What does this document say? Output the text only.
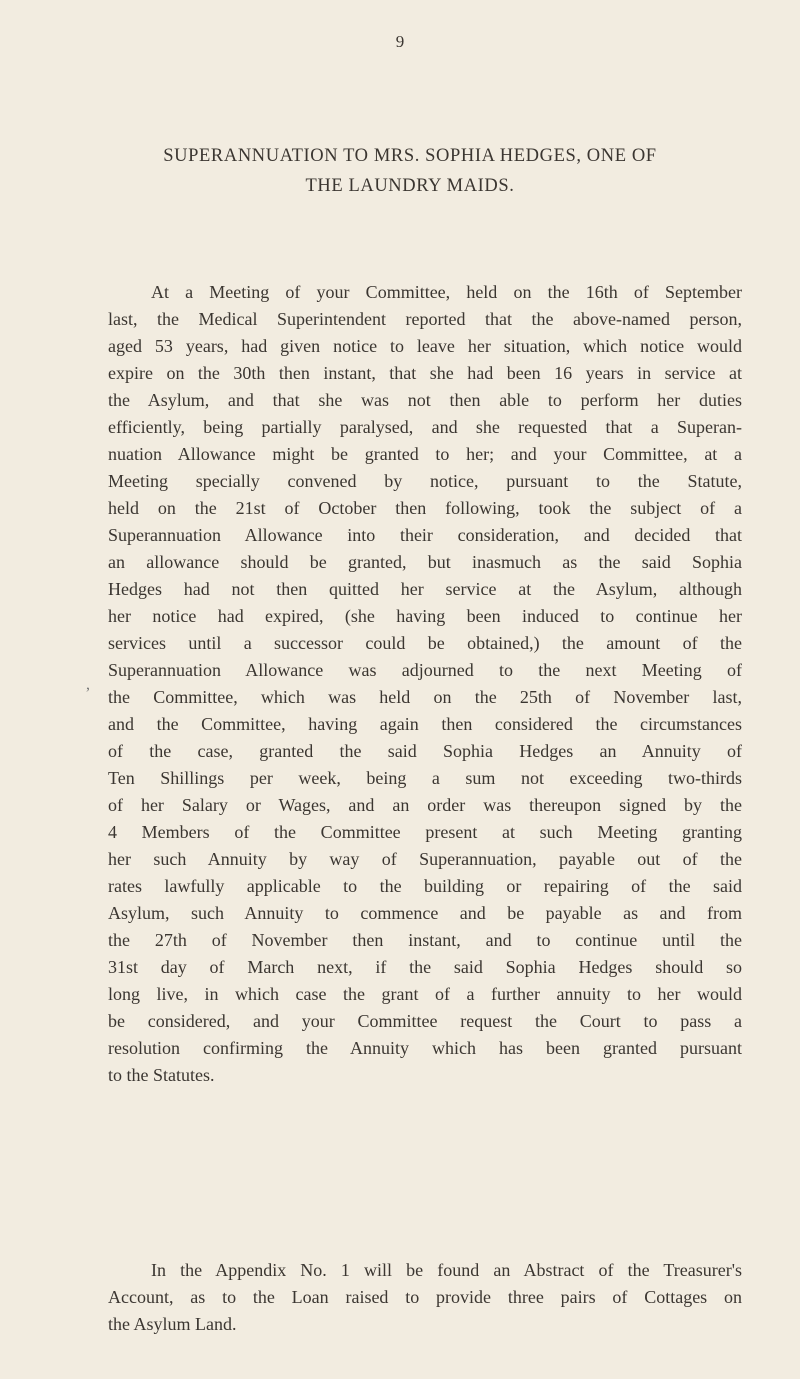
9
SUPERANNUATION TO MRS. SOPHIA HEDGES, ONE OF
THE LAUNDRY MAIDS.
,
At a Meeting of your Committee, held on the 16th of September
last, the Medical Superintendent reported that the above-named person,
aged 53 years, had given notice to leave her situation, which notice would
expire on the 30th then instant, that she had been 16 years in service at
the Asylum, and that she was not then able to perform her duties
efficiently, being partially paralysed, and she requested that a Superan-
nuation Allowance might be granted to her; and your Committee, at a
Meeting specially convened by notice, pursuant to the Statute,
held on the 21st of October then following, took the subject of a
Superannuation Allowance into their consideration, and decided that
an allowance should be granted, but inasmuch as the said Sophia
Hedges had not then quitted her service at the Asylum, although
her notice had expired, (she having been induced to continue her
services until a successor could be obtained,) the amount of the
Superannuation Allowance was adjourned to the next Meeting of
the Committee, which was held on the 25th of November last,
and the Committee, having again then considered the circumstances
of the case, granted the said Sophia Hedges an Annuity of
Ten Shillings per week, being a sum not exceeding two-thirds
of her Salary or Wages, and an order was thereupon signed by the
4 Members of the Committee present at such Meeting granting
her such Annuity by way of Superannuation, payable out of the
rates lawfully applicable to the building or repairing of the said
Asylum, such Annuity to commence and be payable as and from
the 27th of November then instant, and to continue until the
31st day of March next, if the said Sophia Hedges should so
long live, in which case the grant of a further annuity to her would
be considered, and your Committee request the Court to pass a
resolution confirming the Annuity which has been granted pursuant
to the Statutes.
In the Appendix No. 1 will be found an Abstract of the Treasurer's
Account, as to the Loan raised to provide three pairs of Cottages on
the Asylum Land.
